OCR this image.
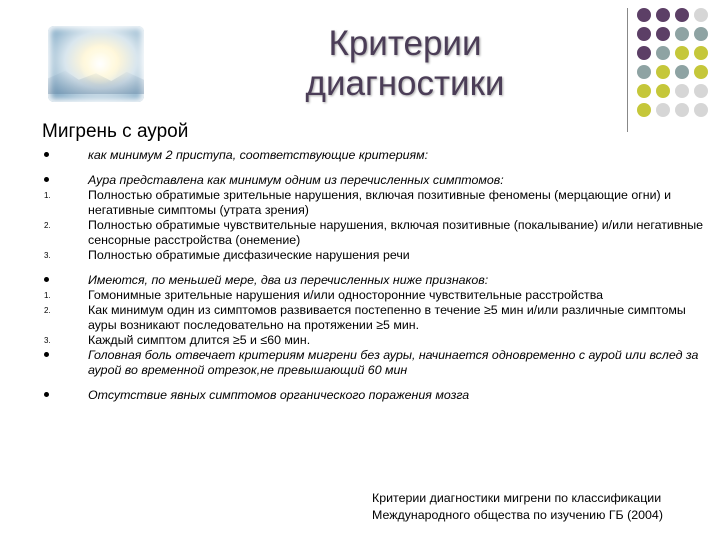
Критерии
диагностики
Мигрень с аурой
как минимум 2 приступа, соответствующие критериям:
Аура представлена как минимум одним из перечисленных симптомов:
1.	Полностью обратимые зрительные нарушения, включая позитивные феномены (мерцающие огни) и негативные симптомы (утрата зрения)
2.	Полностью обратимые чувствительные нарушения, включая позитивные (покалывание) и/или негативные сенсорные расстройства (онемение)
3.	Полностью обратимые дисфазические нарушения речи
Имеются, по меньшей мере, два из перечисленных ниже признаков:
1.	Гомонимные зрительные нарушения и/или односторонние чувствительные расстройства
2.	Как минимум один из симптомов развивается постепенно в течение ≥5 мин и/или различные симптомы ауры возникают последовательно на протяжении ≥5 мин.
3.	Каждый симптом длится ≥5 и ≤60 мин.
Головная боль отвечает критериям мигрени без ауры, начинается одновременно с аурой или вслед за аурой во временной отрезок,не превышающий 60 мин
Отсутствие явных симптомов органического поражения мозга
Критерии диагностики мигрени по классификации
Международного общества по изучению ГБ (2004)
